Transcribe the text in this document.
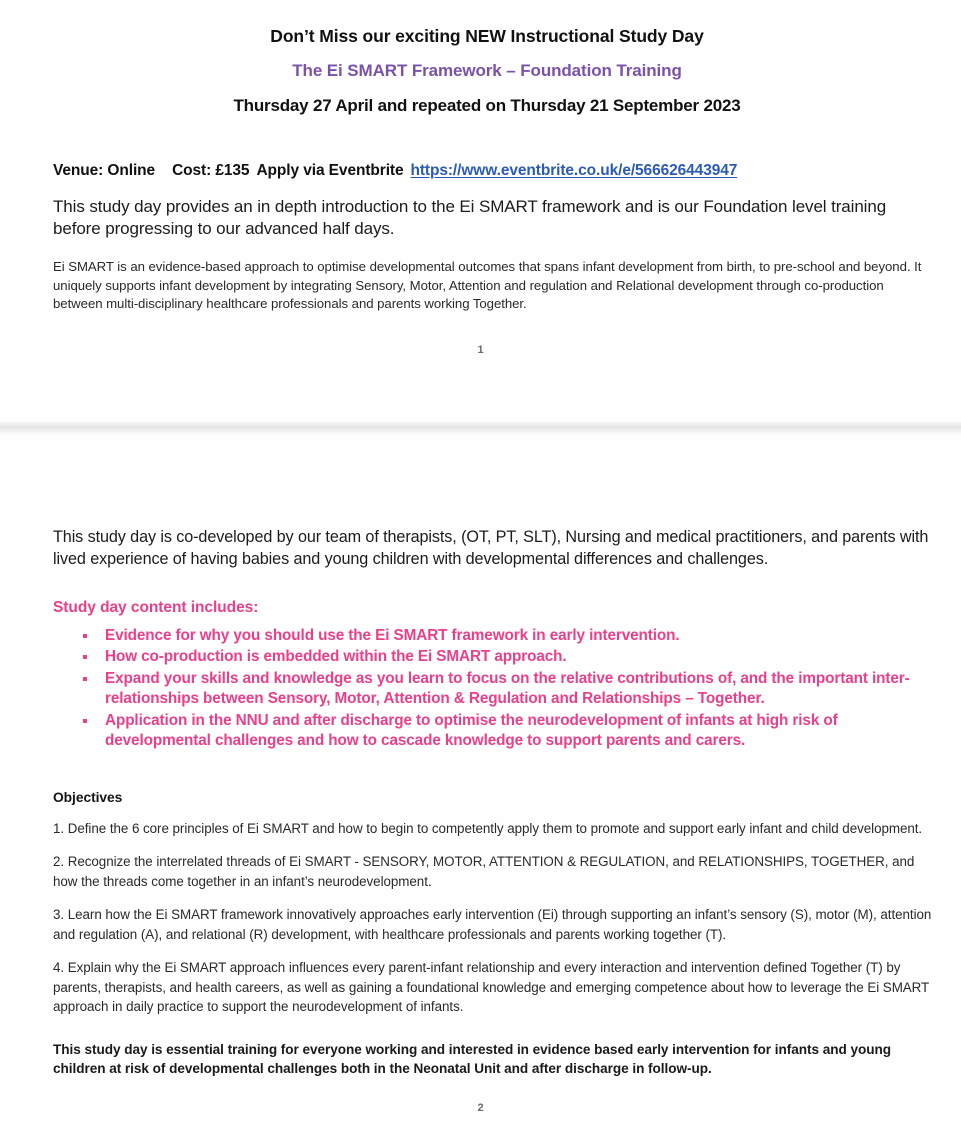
Don’t Miss our exciting NEW Instructional Study Day

The Ei SMART Framework – Foundation Training

Thursday 27 April and repeated on Thursday 21 September 2023

Venue: Online Cost: £135 Apply via Eventbrite https://www.eventbrite.co.uk/e/566626443947

This study day provides an in depth introduction to the Ei SMART framework and is our Foundation level training before progressing to our advanced half days.

Ei SMART is an evidence-based approach to optimise developmental outcomes that spans infant development from birth, to pre-school and beyond. It uniquely supports infant development by integrating Sensory, Motor, Attention and regulation and Relational development through co-production between multi-disciplinary healthcare professionals and parents working Together.

1

This study day is co-developed by our team of therapists, (OT, PT, SLT), Nursing and medical practitioners, and parents with lived experience of having babies and young children with developmental differences and challenges.

Study day content includes:

Evidence for why you should use the Ei SMART framework in early intervention.
How co-production is embedded within the Ei SMART approach.
Expand your skills and knowledge as you learn to focus on the relative contributions of, and the important inter-relationships between Sensory, Motor, Attention & Regulation and Relationships – Together.
Application in the NNU and after discharge to optimise the neurodevelopment of infants at high risk of developmental challenges and how to cascade knowledge to support parents and carers.

Objectives

1. Define the 6 core principles of Ei SMART and how to begin to competently apply them to promote and support early infant and child development.

2. Recognize the interrelated threads of Ei SMART - SENSORY, MOTOR, ATTENTION & REGULATION, and RELATIONSHIPS, TOGETHER, and how the threads come together in an infant’s neurodevelopment.

3. Learn how the Ei SMART framework innovatively approaches early intervention (Ei) through supporting an infant’s sensory (S), motor (M), attention and regulation (A), and relational (R) development, with healthcare professionals and parents working together (T).

4. Explain why the Ei SMART approach influences every parent-infant relationship and every interaction and intervention defined Together (T) by parents, therapists, and health careers, as well as gaining a foundational knowledge and emerging competence about how to leverage the Ei SMART approach in daily practice to support the neurodevelopment of infants.

This study day is essential training for everyone working and interested in evidence based early intervention for infants and young children at risk of developmental challenges both in the Neonatal Unit and after discharge in follow-up.

2
